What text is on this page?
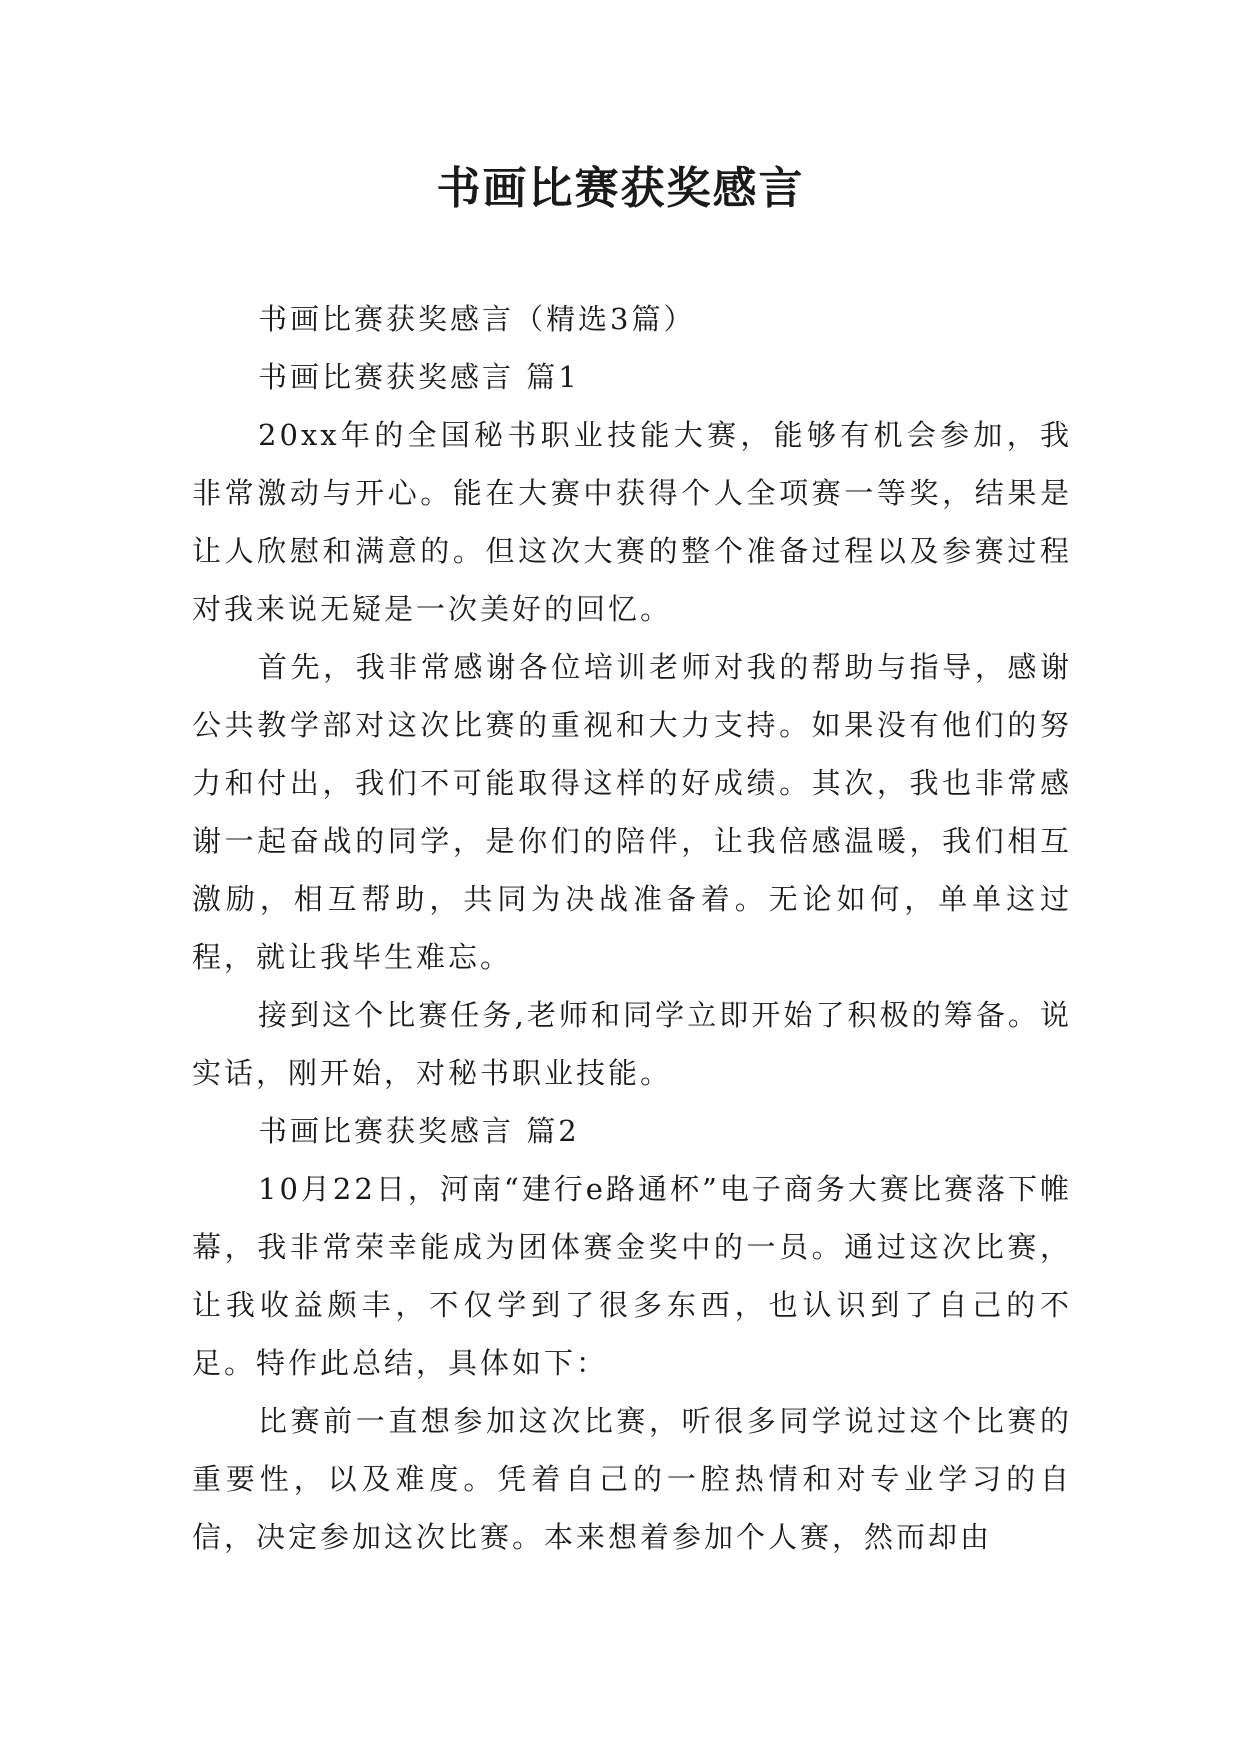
书画比赛获奖感言

书画比赛获奖感言（精选3篇）

书画比赛获奖感言 篇1

20xx年的全国秘书职业技能大赛，能够有机会参加，我非常激动与开心。能在大赛中获得个人全项赛一等奖，结果是让人欣慰和满意的。但这次大赛的整个准备过程以及参赛过程对我来说无疑是一次美好的回忆。

首先，我非常感谢各位培训老师对我的帮助与指导，感谢公共教学部对这次比赛的重视和大力支持。如果没有他们的努力和付出，我们不可能取得这样的好成绩。其次，我也非常感谢一起奋战的同学，是你们的陪伴，让我倍感温暖，我们相互激励，相互帮助，共同为决战准备着。无论如何，单单这过程，就让我毕生难忘。

接到这个比赛任务,老师和同学立即开始了积极的筹备。说实话，刚开始，对秘书职业技能。

书画比赛获奖感言 篇2

10月22日，河南“建行e路通杯”电子商务大赛比赛落下帷幕，我非常荣幸能成为团体赛金奖中的一员。通过这次比赛，让我收益颇丰，不仅学到了很多东西，也认识到了自己的不足。特作此总结，具体如下：

比赛前一直想参加这次比赛，听很多同学说过这个比赛的重要性，以及难度。凭着自己的一腔热情和对专业学习的自信，决定参加这次比赛。本来想着参加个人赛，然而却由
